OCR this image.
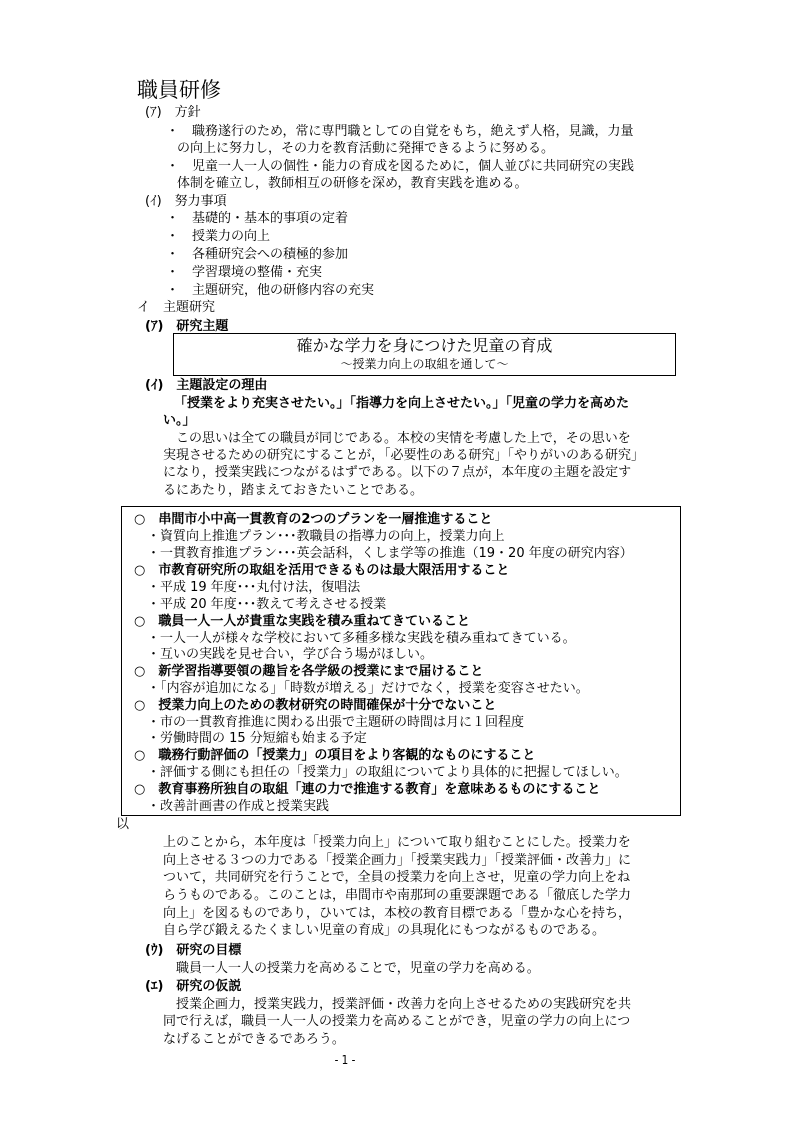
職員研修
(ｱ)　方針
・　職務遂行のため，常に専門職としての自覚をもち，絶えず人格，見識，力量
の向上に努力し，その力を教育活動に発揮できるように努める。
・　児童一人一人の個性・能力の育成を図るために，個人並びに共同研究の実践
体制を確立し，教師相互の研修を深め，教育実践を進める。
(ｲ)　努力事項
・　基礎的・基本的事項の定着
・　授業力の向上
・　各種研究会への積極的参加
・　学習環境の整備・充実
・　主題研究，他の研修内容の充実
イ　主題研究
(ｱ)　研究主題
確かな学力を身につけた児童の育成
～授業力向上の取組を通して～
(ｲ)　主題設定の理由
「授業をより充実させたい。」「指導力を向上させたい。」「児童の学力を高めた
い。」
この思いは全ての職員が同じである。本校の実情を考慮した上で，その思いを
実現させるための研究にすることが，「必要性のある研究」「やりがいのある研究」
になり，授業実践につながるはずである。以下の７点が，本年度の主題を設定す
るにあたり，踏まえておきたいことである。
○　串間市小中高一貫教育の2つのプランを一層推進すること
・資質向上推進プラン･･･教職員の指導力の向上，授業力向上
・一貫教育推進プラン･･･英会話科，くしま学等の推進（19・20 年度の研究内容）
○　市教育研究所の取組を活用できるものは最大限活用すること
・平成 19 年度･･･丸付け法，復唱法
・平成 20 年度･･･教えて考えさせる授業
○　職員一人一人が貴重な実践を積み重ねてきていること
・一人一人が様々な学校において多種多様な実践を積み重ねてきている。
・互いの実践を見せ合い，学び合う場がほしい。
○　新学習指導要領の趣旨を各学級の授業にまで届けること
・「内容が追加になる」「時数が増える」だけでなく，授業を変容させたい。
○　授業力向上のための教材研究の時間確保が十分でないこと
・市の一貫教育推進に関わる出張で主題研の時間は月に１回程度
・労働時間の 15 分短縮も始まる予定
○　職務行動評価の「授業力」の項目をより客観的なものにすること
・評価する側にも担任の「授業力」の取組についてより具体的に把握してほしい。
○　教育事務所独自の取組「連の力で推進する教育」を意味あるものにすること
・改善計画書の作成と授業実践
以
上のことから，本年度は「授業力向上」について取り組むことにした。授業力を
向上させる３つの力である「授業企画力」「授業実践力」「授業評価・改善力」に
ついて，共同研究を行うことで，全員の授業力を向上させ，児童の学力向上をね
らうものである。このことは，串間市や南那珂の重要課題である「徹底した学力
向上」を図るものであり，ひいては，本校の教育目標である「豊かな心を持ち，
自ら学び鍛えるたくましい児童の育成」の具現化にもつながるものである。
(ｳ)　研究の目標
職員一人一人の授業力を高めることで，児童の学力を高める。
(ｴ)　研究の仮説
授業企画力，授業実践力，授業評価・改善力を向上させるための実践研究を共
同で行えば，職員一人一人の授業力を高めることができ，児童の学力の向上につ
なげることができるであろう。
- 1 -
